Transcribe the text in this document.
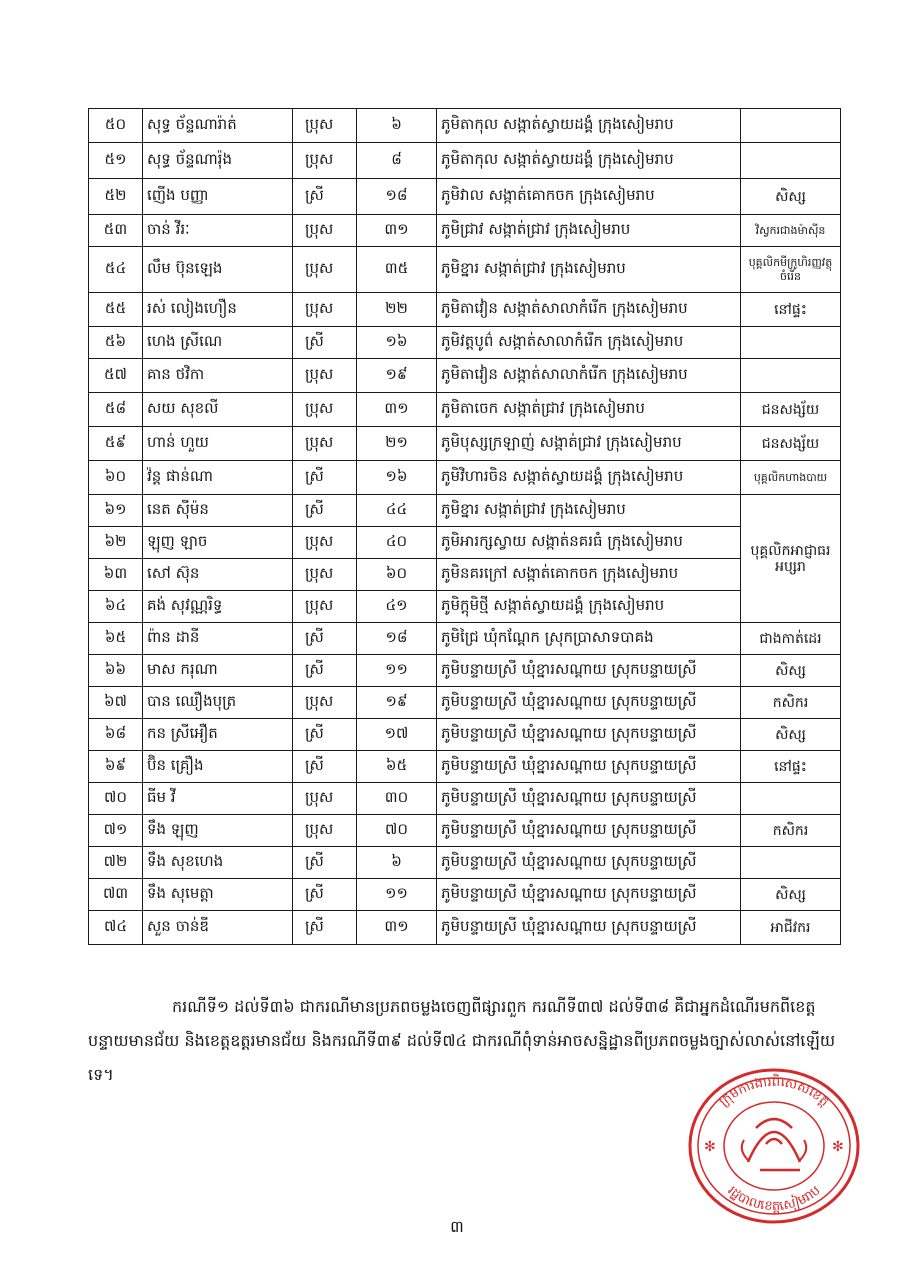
៥០	សុទ្ធ ច័ន្ទណារ៉ាត់	ប្រុស	៦	ភូមិតាកុល សង្កាត់ស្វាយដង្គំ ក្រុងសៀមរាប	
៥១	សុទ្ធ ច័ន្ទណារ៉ុង	ប្រុស	៨	ភូមិតាកុល សង្កាត់ស្វាយដង្គំ ក្រុងសៀមរាប	
៥២	ញើង បញ្ញា	ស្រី	១៨	ភូមិវាល សង្កាត់គោកចក ក្រុងសៀមរាប	សិស្ស
៥៣	ចាន់ វីរៈ	ប្រុស	៣១	ភូមិជ្រាវ សង្កាត់ជ្រាវ ក្រុងសៀមរាប	វិស្វករជាងម៉ាស៊ីន
៥៤	លឹម ប៊ុនឡេង	ប្រុស	៣៥	ភូមិខ្នារ សង្កាត់ជ្រាវ ក្រុងសៀមរាប	បុគ្គលិកមីក្រូហិរញ្ញវត្ថុ ចំរើន
៥៥	រស់ លៀងហឿន	ប្រុស	២២	ភូមិតាវៀន សង្កាត់សាលាកំរើក ក្រុងសៀមរាប	នៅផ្ទះ
៥៦	ហេង ស្រីណេ	ស្រី	១៦	ភូមិវត្តបូព៌ សង្កាត់សាលាកំរើក ក្រុងសៀមរាប	
៥៧	គាន ថវិកា	ប្រុស	១៩	ភូមិតាវៀន សង្កាត់សាលាកំរើក ក្រុងសៀមរាប	
៥៨	សយ សុខលី	ប្រុស	៣១	ភូមិតាចេក សង្កាត់ជ្រាវ ក្រុងសៀមរាប	ជនសង្ស័យ
៥៩	ហាន់ ហួយ	ប្រុស	២១	ភូមិបុស្សក្រឡាញ់ សង្កាត់ជ្រាវ ក្រុងសៀមរាប	ជនសង្ស័យ
៦០	វ៉ន្ត ផាន់ណា	ស្រី	១៦	ភូមិវិហារចិន សង្កាត់ស្វាយដង្គំ ក្រុងសៀមរាប	បុគ្គលិកហាងបាយ
៦១	នេត ស៊ីម៉ន	ស្រី	៤៤	ភូមិខ្នារ សង្កាត់ជ្រាវ ក្រុងសៀមរាប	បុគ្គលិកអាជ្ញាធរអប្សរា
៦២	ឡុញ ឡាច	ប្រុស	៤០	ភូមិអារក្សស្វាយ សង្កាត់នគរធំ ក្រុងសៀមរាប	
៦៣	សៅ ស៊ុន	ប្រុស	៦០	ភូមិនគរក្រៅ សង្កាត់គោកចក ក្រុងសៀមរាប	
៦៤	គង់ សុវណ្ណរិទ្ធ	ប្រុស	៤១	ភូមិក្តុមិថ្មី សង្កាត់ស្វាយដង្គំ ក្រុងសៀមរាប	
៦៥	ព៉ាន ដានី	ស្រី	១៨	ភូមិជ្រៃ ឃុំកណ្តែក ស្រុកប្រាសាទបាគង	ជាងកាត់ដេរ
៦៦	មាស ករុណា	ស្រី	១១	ភូមិបន្ទាយស្រី ឃុំខ្នារសណ្តាយ ស្រុកបន្ទាយស្រី	សិស្ស
៦៧	បាន ឈឿងបុត្រ	ប្រុស	១៩	ភូមិបន្ទាយស្រី ឃុំខ្នារសណ្តាយ ស្រុកបន្ទាយស្រី	កសិករ
៦៨	កន ស្រីអឿត	ស្រី	១៧	ភូមិបន្ទាយស្រី ឃុំខ្នារសណ្តាយ ស្រុកបន្ទាយស្រី	សិស្ស
៦៩	ប៊ិន គ្រឿង	ស្រី	៦៥	ភូមិបន្ទាយស្រី ឃុំខ្នារសណ្តាយ ស្រុកបន្ទាយស្រី	នៅផ្ទះ
៧០	ធីម វី	ប្រុស	៣០	ភូមិបន្ទាយស្រី ឃុំខ្នារសណ្តាយ ស្រុកបន្ទាយស្រី	
៧១	ទឹង ឡុញ	ប្រុស	៧០	ភូមិបន្ទាយស្រី ឃុំខ្នារសណ្តាយ ស្រុកបន្ទាយស្រី	កសិករ
៧២	ទឹង សុខហេង	ស្រី	៦	ភូមិបន្ទាយស្រី ឃុំខ្នារសណ្តាយ ស្រុកបន្ទាយស្រី	
៧៣	ទឹង សុមេត្តា	ស្រី	១១	ភូមិបន្ទាយស្រី ឃុំខ្នារសណ្តាយ ស្រុកបន្ទាយស្រី	សិស្ស
៧៤	សួន ចាន់ឌី	ស្រី	៣១	ភូមិបន្ទាយស្រី ឃុំខ្នារសណ្តាយ ស្រុកបន្ទាយស្រី	អាជីវករ
ករណីទី១ ដល់ទី៣៦ ជាករណីមានប្រភពចម្លងចេញពីផ្សារពួក ករណីទី៣៧ ដល់ទី៣៨ គឺជាអ្នកដំណើរមកពីខេត្តបន្ទាយមានជ័យ និងខេត្តឧត្តរមានជ័យ និងករណីទី៣៩ ដល់ទី៧៤ ជាករណីពុំទាន់អាចសន្និដ្ឋានពីប្រភពចម្លងច្បាស់លាស់នៅឡើយទេ។
✻	✻
ក្រុមការងារពិសេសខេត្ត
រដ្ឋបាលខេត្តសៀមរាប
៣
